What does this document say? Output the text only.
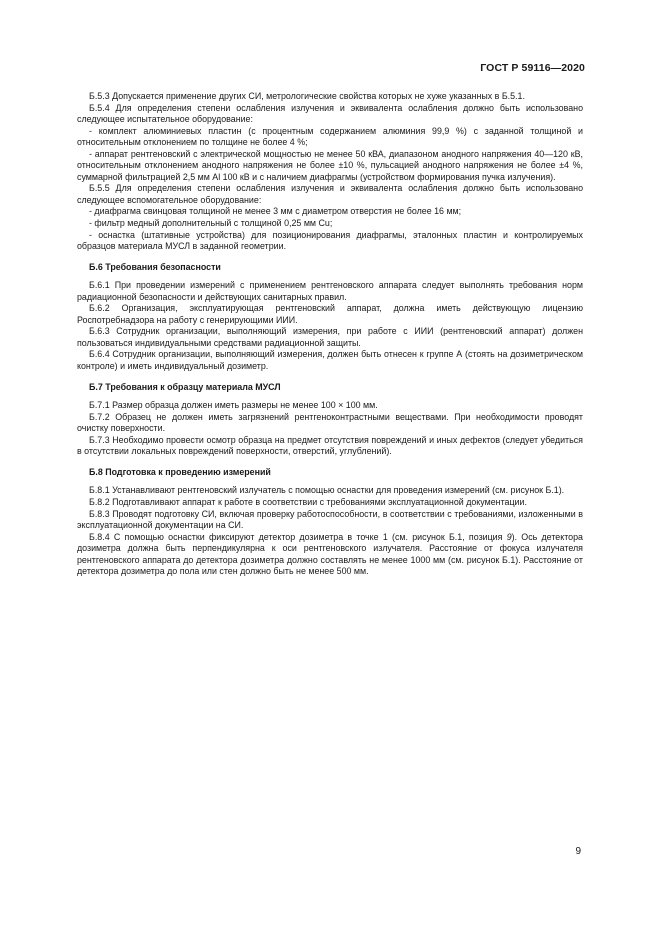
ГОСТ Р 59116—2020

Б.5.3 Допускается применение других СИ, метрологические свойства которых не хуже указанных в Б.5.1.

Б.5.4 Для определения степени ослабления излучения и эквивалента ослабления должно быть использовано следующее испытательное оборудование:

- комплект алюминиевых пластин (с процентным содержанием алюминия 99,9 %) с заданной толщиной и относительным отклонением по толщине не более 4 %;

- аппарат рентгеновский с электрической мощностью не менее 50 кВА, диапазоном анодного напряжения 40—120 кВ, относительным отклонением анодного напряжения не более ±10 %, пульсацией анодного напряжения не более ±4 %, суммарной фильтрацией 2,5 мм Al 100 кВ и с наличием диафрагмы (устройством формирования пучка излучения).

Б.5.5 Для определения степени ослабления излучения и эквивалента ослабления должно быть использовано следующее вспомогательное оборудование:

- диафрагма свинцовая толщиной не менее 3 мм с диаметром отверстия не более 16 мм;

- фильтр медный дополнительный с толщиной 0,25 мм Cu;

- оснастка (штативные устройства) для позиционирования диафрагмы, эталонных пластин и контролируемых образцов материала МУСЛ в заданной геометрии.

Б.6 Требования безопасности

Б.6.1 При проведении измерений с применением рентгеновского аппарата следует выполнять требования норм радиационной безопасности и действующих санитарных правил.

Б.6.2 Организация, эксплуатирующая рентгеновский аппарат, должна иметь действующую лицензию Роспотребнадзора на работу с генерирующими ИИИ.

Б.6.3 Сотрудник организации, выполняющий измерения, при работе с ИИИ (рентгеновский аппарат) должен пользоваться индивидуальными средствами радиационной защиты.

Б.6.4 Сотрудник организации, выполняющий измерения, должен быть отнесен к группе А (стоять на дозиметрическом контроле) и иметь индивидуальный дозиметр.

Б.7 Требования к образцу материала МУСЛ

Б.7.1 Размер образца должен иметь размеры не менее 100 × 100 мм.

Б.7.2 Образец не должен иметь загрязнений рентгеноконтрастными веществами. При необходимости проводят очистку поверхности.

Б.7.3 Необходимо провести осмотр образца на предмет отсутствия повреждений и иных дефектов (следует убедиться в отсутствии локальных повреждений поверхности, отверстий, углублений).

Б.8 Подготовка к проведению измерений

Б.8.1 Устанавливают рентгеновский излучатель с помощью оснастки для проведения измерений (см. рисунок Б.1).

Б.8.2 Подготавливают аппарат к работе в соответствии с требованиями эксплуатационной документации.

Б.8.3 Проводят подготовку СИ, включая проверку работоспособности, в соответствии с требованиями, изложенными в эксплуатационной документации на СИ.

Б.8.4 С помощью оснастки фиксируют детектор дозиметра в точке 1 (см. рисунок Б.1, позиция 9). Ось детектора дозиметра должна быть перпендикулярна к оси рентгеновского излучателя. Расстояние от фокуса излучателя рентгеновского аппарата до детектора дозиметра должно составлять не менее 1000 мм (см. рисунок Б.1). Расстояние от детектора дозиметра до пола или стен должно быть не менее 500 мм.

9
